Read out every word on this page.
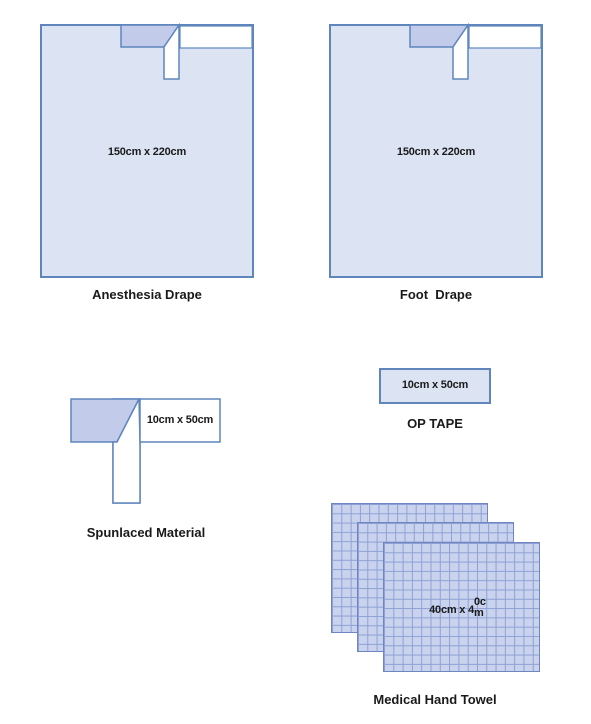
150cm x 220cm
Anesthesia Drape
150cm x 220cm
Foot  Drape
10cm x 50cm
Spunlaced Material
10cm x 50cm
OP TAPE
40cm x 4
0c
m
Medical Hand Towel
